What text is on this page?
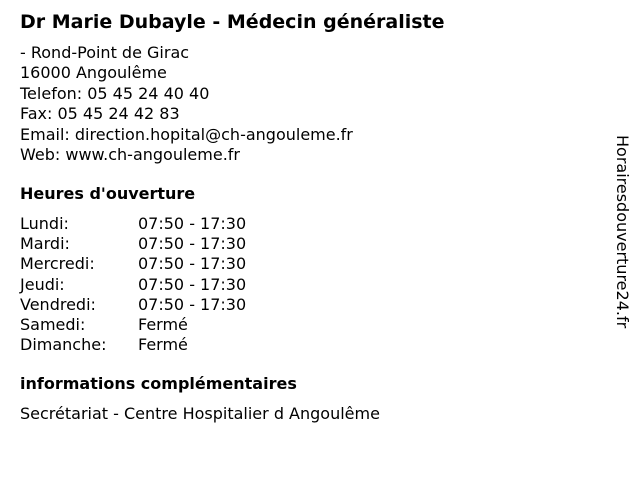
Dr Marie Dubayle - Médecin généraliste
- Rond-Point de Girac
16000 Angoulême
Telefon: 05 45 24 40 40
Fax: 05 45 24 42 83
Email: direction.hopital@ch-angouleme.fr
Web: www.ch-angouleme.fr
Heures d'ouverture
Lundi:	07:50 - 17:30
Mardi:	07:50 - 17:30
Mercredi:	07:50 - 17:30
Jeudi:	07:50 - 17:30
Vendredi:	07:50 - 17:30
Samedi:	Fermé
Dimanche:	Fermé
informations complémentaires
Secrétariat - Centre Hospitalier d Angoulême
Horairesdouverture24.fr
